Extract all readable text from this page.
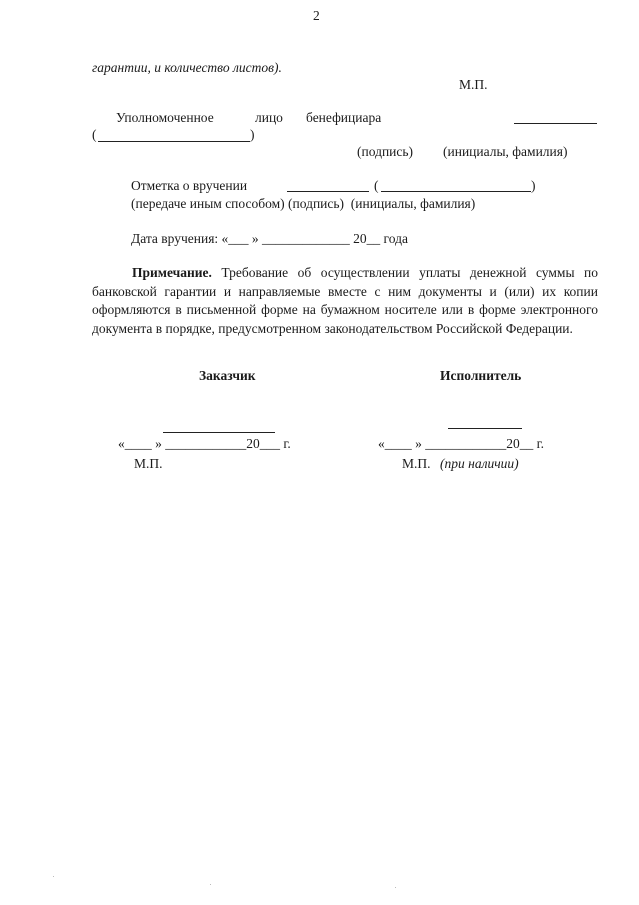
2
гарантии, и количество листов).
М.П.
Уполномоченное	лицо бенефициара
(	)
(подпись) (инициалы, фамилия)
Отметка о вручении	(	)
(передаче иным способом) (подпись)  (инициалы, фамилия)
Дата вручения: «___ » _____________ 20__ года
Примечание. Требование об осуществлении уплаты денежной суммы по банковской гарантии и направляемые вместе с ним документы и (или) их копии оформляются в письменной форме на бумажном носителе или в форме электронного документа в порядке, предусмотренном законодательством Российской Федерации.
Заказчик
«____ » ____________20___ г.
М.П.
Исполнитель
«____ » ____________20__ г.
М.П. (при наличии)
